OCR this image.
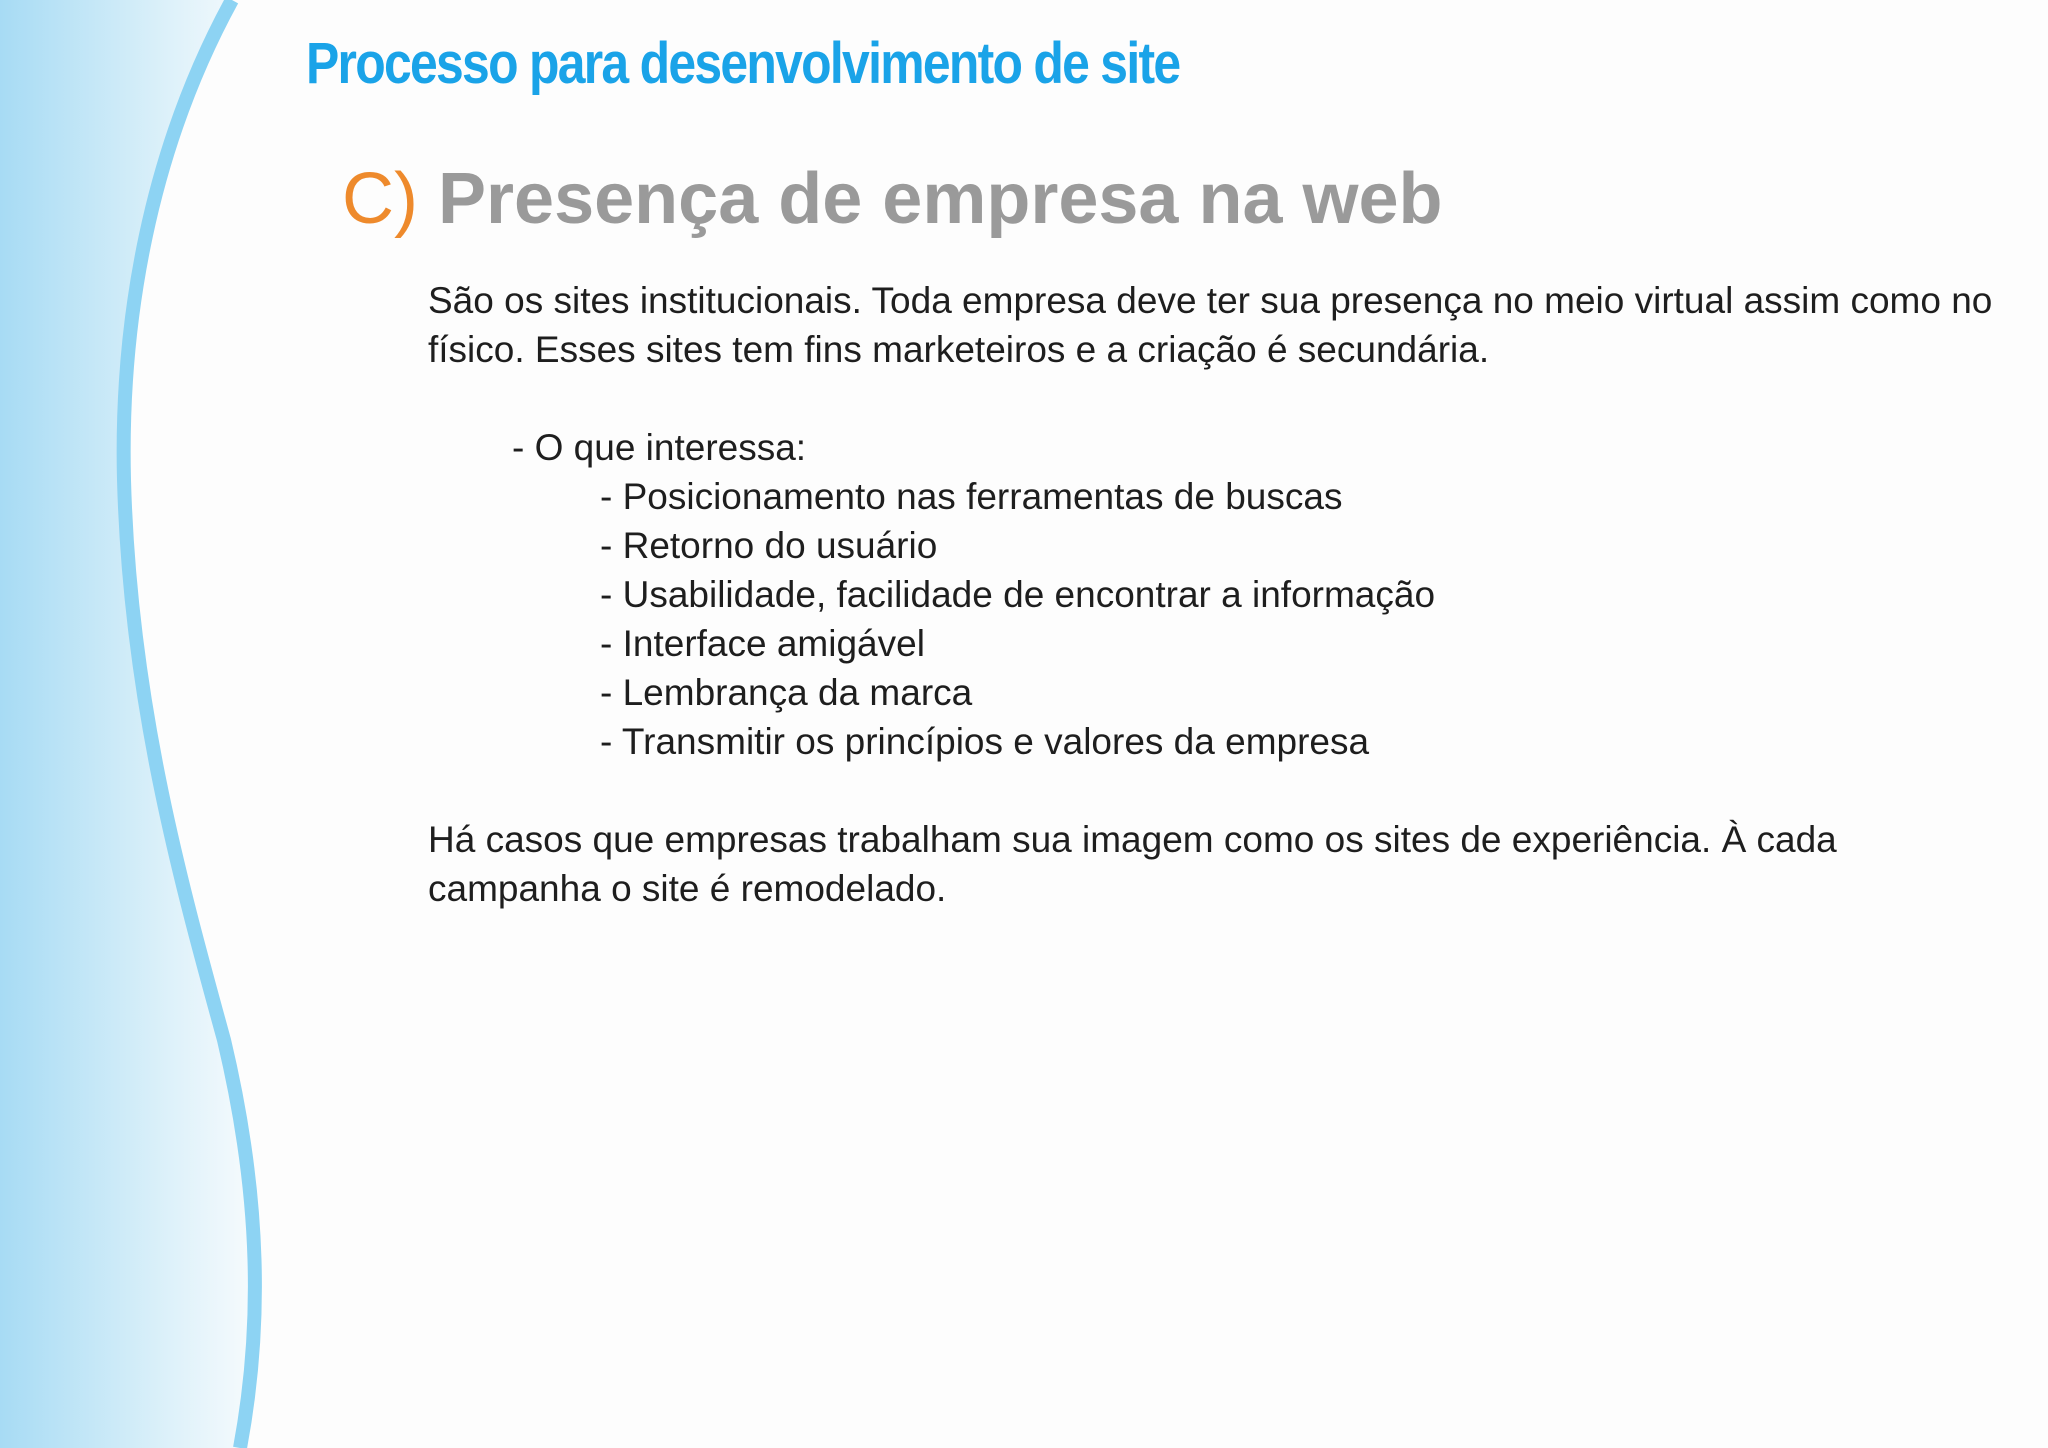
Processo para desenvolvimento de site
C) Presença de empresa na web

São os sites institucionais. Toda empresa deve ter sua presença no meio virtual assim como no físico. Esses sites tem fins marketeiros e a criação é secundária.

- O que interessa:

- Posicionamento nas ferramentas de buscas
- Retorno do usuário
- Usabilidade, facilidade de encontrar a informação
- Interface amigável
- Lembrança da marca
- Transmitir os princípios e valores da empresa

Há casos que empresas trabalham sua imagem como os sites de experiência. À cada campanha o site é remodelado.
